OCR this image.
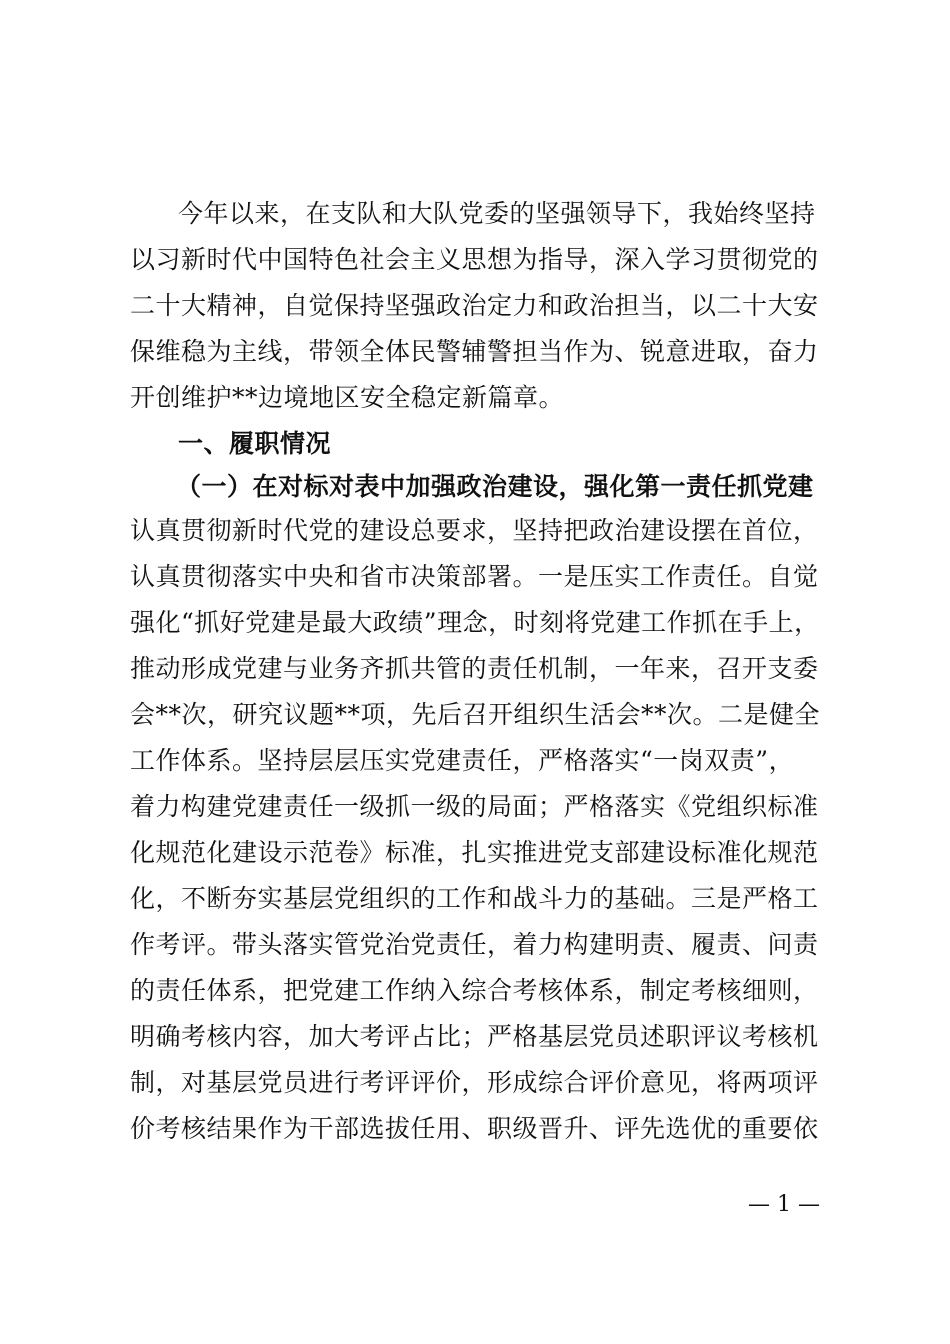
今年以来，在支队和大队党委的坚强领导下，我始终坚持
以习新时代中国特色社会主义思想为指导，深入学习贯彻党的
二十大精神，自觉保持坚强政治定力和政治担当，以二十大安
保维稳为主线，带领全体民警辅警担当作为、锐意进取，奋力
开创维护**边境地区安全稳定新篇章。
一、履职情况
（一）在对标对表中加强政治建设，强化第一责任抓党建
认真贯彻新时代党的建设总要求，坚持把政治建设摆在首位，
认真贯彻落实中央和省市决策部署。一是压实工作责任。自觉
强化“抓好党建是最大政绩”理念，时刻将党建工作抓在手上，
推动形成党建与业务齐抓共管的责任机制，一年来，召开支委
会**次，研究议题**项，先后召开组织生活会**次。二是健全
工作体系。坚持层层压实党建责任，严格落实“一岗双责”，
着力构建党建责任一级抓一级的局面；严格落实《党组织标准
化规范化建设示范卷》标准，扎实推进党支部建设标准化规范
化，不断夯实基层党组织的工作和战斗力的基础。三是严格工
作考评。带头落实管党治党责任，着力构建明责、履责、问责
的责任体系，把党建工作纳入综合考核体系，制定考核细则，
明确考核内容，加大考评占比；严格基层党员述职评议考核机
制，对基层党员进行考评评价，形成综合评价意见，将两项评
价考核结果作为干部选拔任用、职级晋升、评先选优的重要依
— 1 —
